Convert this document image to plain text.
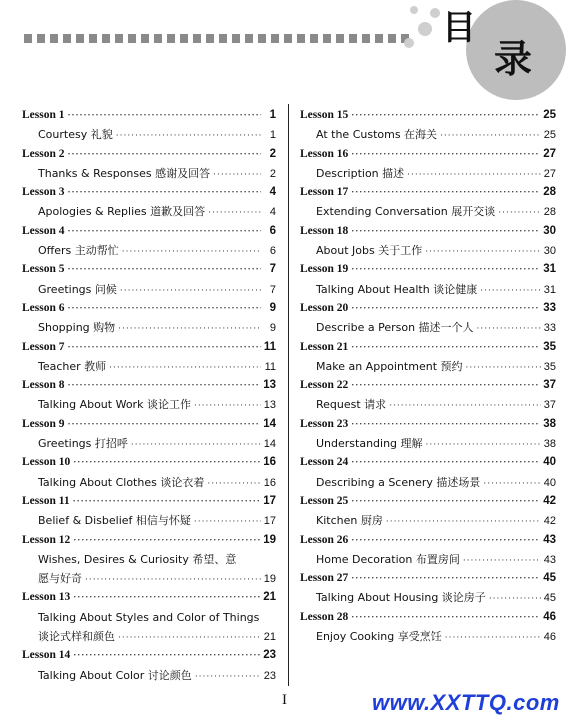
目
录
Lesson 1 ·····	1
Courtesy 礼貌 ·····	1
Lesson 2 ·····	2
Thanks & Responses 感谢及回答 ·····	2
Lesson 3 ·····	4
Apologies & Replies 道歉及回答 ·····	4
Lesson 4 ·····	6
Offers 主动帮忙 ·····	6
Lesson 5 ·····	7
Greetings 问候 ·····	7
Lesson 6 ·····	9
Shopping 购物 ·····	9
Lesson 7 ·····	11
Teacher 教师 ·····	11
Lesson 8 ·····	13
Talking About Work 谈论工作 ·····	13
Lesson 9 ·····	14
Greetings 打招呼 ·····	14
Lesson 10 ·····	16
Talking About Clothes 谈论衣着 ·····	16
Lesson 11 ·····	17
Belief & Disbelief 相信与怀疑 ·····	17
Lesson 12 ·····	19
Wishes, Desires & Curiosity 希望、意
愿与好奇 ·····	19
Lesson 13 ·····	21
Talking About Styles and Color of Things
谈论式样和颜色 ·····	21
Lesson 14 ·····	23
Talking About Color 讨论颜色 ·····	23
Lesson 15 ·····	25
At the Customs 在海关 ·····	25
Lesson 16 ·····	27
Description 描述 ·····	27
Lesson 17 ·····	28
Extending Conversation 展开交谈 ·····	28
Lesson 18 ·····	30
About Jobs 关于工作 ·····	30
Lesson 19 ·····	31
Talking About Health 谈论健康 ·····	31
Lesson 20 ·····	33
Describe a Person 描述一个人 ·····	33
Lesson 21 ·····	35
Make an Appointment 预约 ·····	35
Lesson 22 ·····	37
Request 请求 ·····	37
Lesson 23 ·····	38
Understanding 理解 ·····	38
Lesson 24 ·····	40
Describing a Scenery 描述场景 ·····	40
Lesson 25 ·····	42
Kitchen 厨房 ·····	42
Lesson 26 ·····	43
Home Decoration 布置房间 ·····	43
Lesson 27 ·····	45
Talking About Housing 谈论房子 ·····	45
Lesson 28 ·····	46
Enjoy Cooking 享受烹饪 ·····	46
I	www.XXTTQ.com
